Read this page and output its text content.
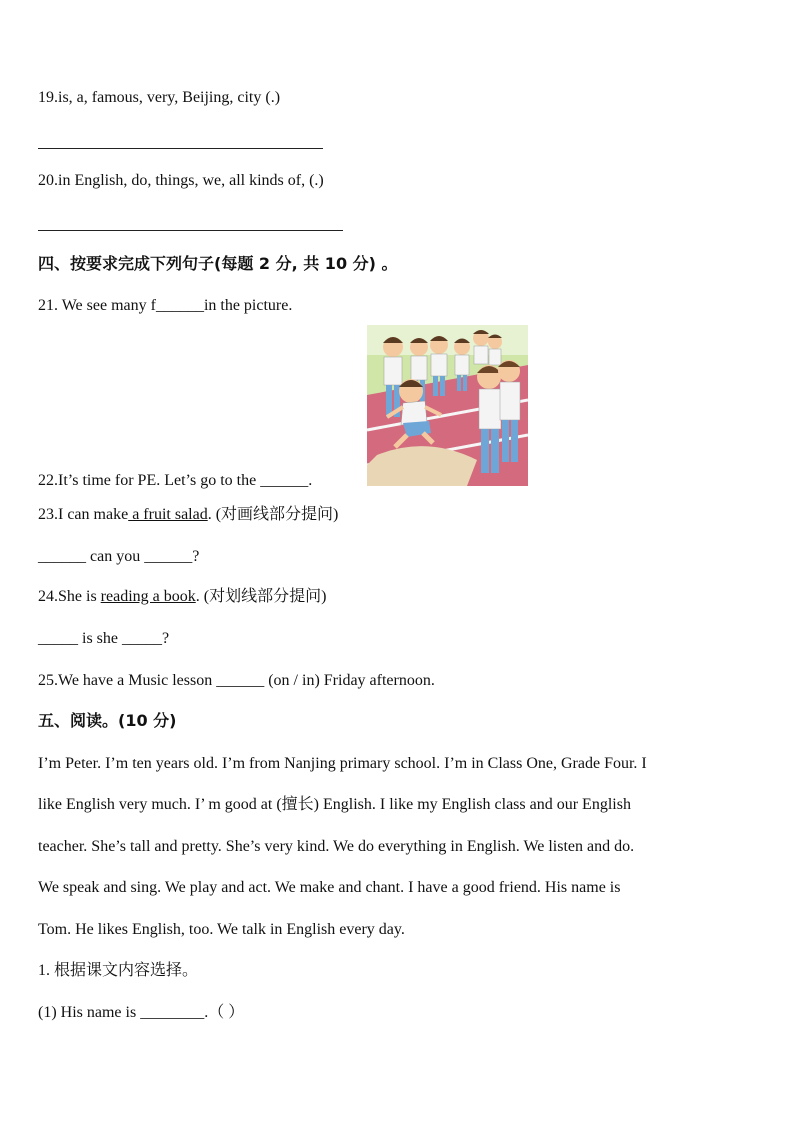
19.is, a, famous, very, Beijing, city (.)
20.in English, do, things, we, all kinds of, (.)
四、按要求完成下列句子(每题 2 分, 共 10 分) 。
21. We see many f______in the picture.
22.It’s time for PE. Let’s go to the ______.
23.I can make a fruit salad. (对画线部分提问)
______ can you ______?
24.She is reading a book. (对划线部分提问)
_____ is she _____?
25.We have a Music lesson ______ (on / in) Friday afternoon.
五、阅读。(10 分)
I’m Peter. I’m ten years old. I’m from Nanjing primary school. I’m in Class One, Grade Four. I
like English very much. I’ m good at (擅长) English. I like my English class and our English
teacher. She’s tall and pretty. She’s very kind. We do everything in English. We listen and do.
We speak and sing. We play and act. We make and chant. I have a good friend. His name is
Tom. He likes English, too. We talk in English every day.
1. 根据课文内容选择。
(1) His name is ________.（ ）
